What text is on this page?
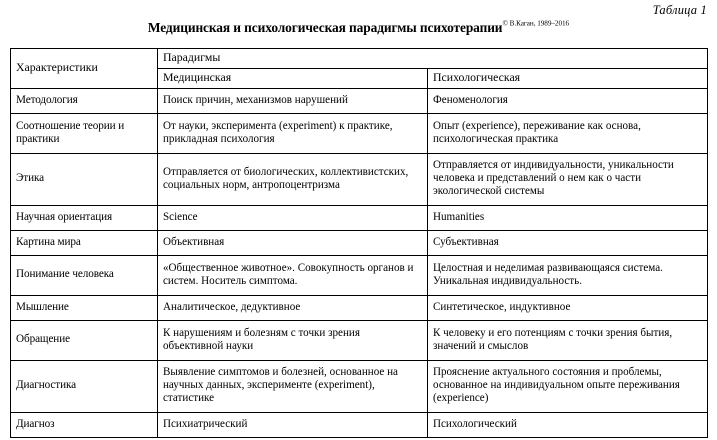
Таблица 1
Медицинская и психологическая парадигмы психотерапии$^{© В.Каган, 1989-2016}$
Характеристики	Парадигмы	
	Медицинская	Психологическая
Методология	Поиск причин, механизмов нарушений	Феноменология
Соотношение теории и практики	От науки, эксперимента (experiment) к практике, прикладная психология	Опыт (experience), переживание как основа, психологическая практика
Этика	Отправляется от биологических, коллективистских, социальных норм, антропоцентризма	Отправляется от индивидуальности, уникальности человека и представлений о нем как о части экологической системы
Научная ориентация	Science	Humanities
Картина мира	Объективная	Субъективная
Понимание человека	«Общественное животное». Совокупность органов и систем. Носитель симптома.	Целостная и неделимая развивающаяся система. Уникальная индивидуальность.
Мышление	Аналитическое, дедуктивное	Синтетическое, индуктивное
Обращение	К нарушениям и болезням с точки зрения объективной науки	К человеку и его потенциям с точки зрения бытия, значений и смыслов
Диагностика	Выявление симптомов и болезней, основанное на научных данных, эксперименте (experiment), статистике	Прояснение актуального состояния и проблемы, основанное на индивидуальном опыте переживания (experience)
Диагноз	Психиатрический	Психологический
